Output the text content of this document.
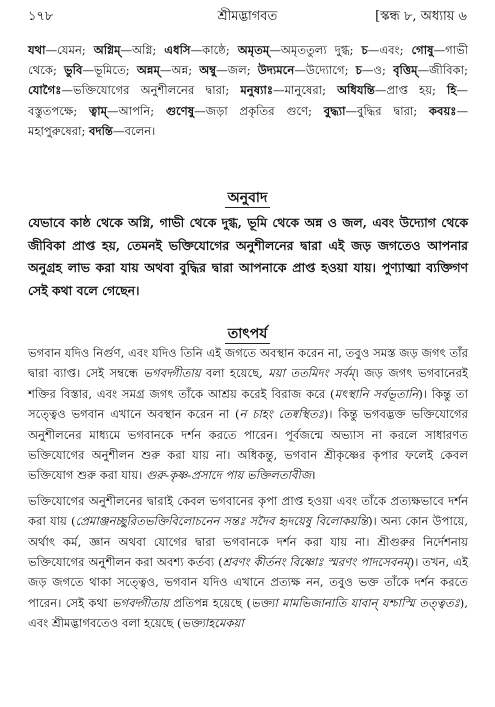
১৭৮	শ্রীমদ্ভাগবত	[স্কন্ধ ৮, অধ্যায় ৬
যথা—যেমন; অগ্নিম্—অগ্নি; এধসি—কাষ্ঠে; অমৃতম্—অমৃততুল্য দুগ্ধ; চ—এবং; গোষু—গাভী থেকে; ভুবি—ভূমিতে; অন্নম্—অন্ন; অম্বু—জল; উদ্যমনে—উদ্যোগে; চ—ও; বৃত্তিম্—জীবিকা; যোগৈঃ—ভক্তিযোগের অনুশীলনের দ্বারা; মনুষ্যাঃ—মানুষেরা; অধিযন্তি—প্রাপ্ত হয়; হি—বস্তুতপক্ষে; ত্বাম্—আপনি; গুণেষু—জড়া প্রকৃতির গুণে; বুদ্ধ্যা—বুদ্ধির দ্বারা; কবয়ঃ—মহাপুরুষেরা; বদন্তি—বলেন।
অনুবাদ
যেভাবে কাষ্ঠ থেকে অগ্নি, গাভী থেকে দুগ্ধ, ভূমি থেকে অন্ন ও জল, এবং উদ্যোগ থেকে জীবিকা প্রাপ্ত হয়, তেমনই ভক্তিযোগের অনুশীলনের দ্বারা এই জড় জগতেও আপনার অনুগ্রহ লাভ করা যায় অথবা বুদ্ধির দ্বারা আপনাকে প্রাপ্ত হওয়া যায়। পুণ্যাত্মা ব্যক্তিগণ সেই কথা বলে গেছেন।
তাৎপর্য

ভগবান যদিও নির্গুণ, এবং যদিও তিনি এই জগতে অবস্থান করেন না, তবুও সমস্ত জড় জগৎ তাঁর দ্বারা ব্যাপ্ত। সেই সম্বন্ধে ভগবদ্গীতায় বলা হয়েছে, ময়া ততমিদং সর্বম্। জড় জগৎ ভগবানেরই শক্তির বিস্তার, এবং সমগ্র জগৎ তাঁকে আশ্রয় করেই বিরাজ করে (মৎস্থানি সর্বভূতানি)। কিন্তু তা সত্ত্বেও ভগবান এখানে অবস্থান করেন না (ন চাহং তেষ্বস্থিতঃ)। কিন্তু ভগবদ্ভক্ত ভক্তিযোগের অনুশীলনের মাধ্যমে ভগবানকে দর্শন করতে পারেন। পূর্বজন্মে অভ্যাস না করলে সাধারণত ভক্তিযোগের অনুশীলন শুরু করা যায় না। অধিকন্তু, ভগবান শ্রীকৃষ্ণের কৃপার ফলেই কেবল ভক্তিযোগ শুরু করা যায়। গুরু-কৃষ্ণ-প্রসাদে পায় ভক্তিলতাবীজ।

ভক্তিযোগের অনুশীলনের দ্বারাই কেবল ভগবানের কৃপা প্রাপ্ত হওয়া এবং তাঁকে প্রত্যক্ষভাবে দর্শন করা যায় (প্রেমাঞ্জনচ্ছুরিতভক্তিবিলোচনেন সন্তঃ সদৈব হৃদয়েষু বিলোকয়ন্তি)। অন্য কোন উপায়ে, অর্থাৎ কর্ম, জ্ঞান অথবা যোগের দ্বারা ভগবানকে দর্শন করা যায় না। শ্রীগুরুর নির্দেশনায় ভক্তিযোগের অনুশীলন করা অবশ্য কর্তব্য (শ্রবণং কীর্তনং বিষ্ণোঃ স্মরণং পাদসেবনম্)। তখন, এই জড় জগতে থাকা সত্ত্বেও, ভগবান যদিও এখানে প্রত্যক্ষ নন, তবুও ভক্ত তাঁকে দর্শন করতে পারেন। সেই কথা ভগবদ্গীতায় প্রতিপন্ন হয়েছে (ভক্ত্যা মামভিজানাতি যাবান্ যশ্চাস্মি তত্ত্বতঃ), এবং শ্রীমদ্ভাগবতেও বলা হয়েছে (ভক্ত্যাহমেকয়া
